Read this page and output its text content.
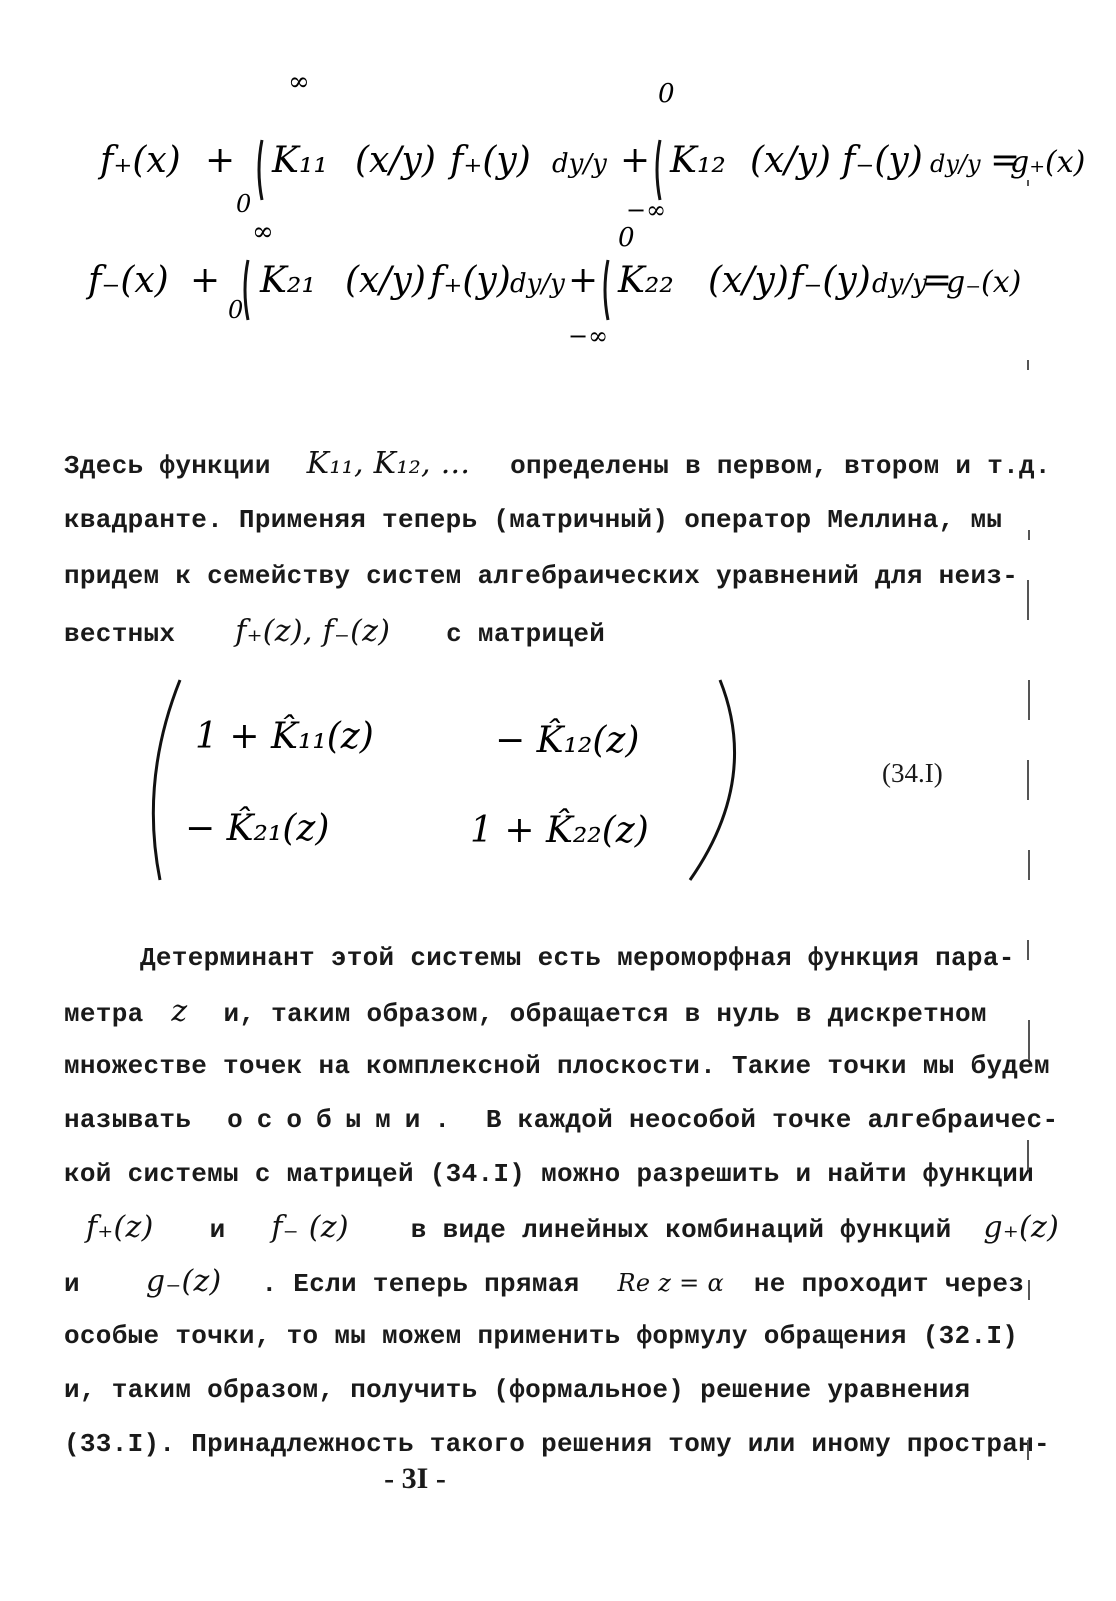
f₊(x) +
∞
0
K₁₁ (x/y) f₊(y) dy/y +
0
−∞
K₁₂ (x/y) f₋(y) dy/y =
g₊(x)
f₋(x) +
∞
0
K₂₁ (x/y) f₊(y) dy/y +
0
−∞
K₂₂ (x/y) f₋(y) dy/y
=
g₋(x)
Здесь функции K₁₁, K₁₂, ... определены в первом, втором и т.д.
квадранте. Применяя теперь (матричный) оператор Меллина, мы
придем к семейству систем алгебраических уравнений для неиз-
вестных f₊(z), f₋(z) с матрицей
1 + K̂₁₁(z)	− K̂₁₂(z)
− K̂₂₁(z)	1 + K̂₂₂(z)
(34.I)
Детерминант этой системы есть мероморфная функция пара-
метра z и, таким образом, обращается в нуль в дискретном
множестве точек на комплексной плоскости. Такие точки мы будем
называть особыми. В каждой неособой точке алгебраичес-
кой системы с матрицей (34.I) можно разрешить и найти функции
f₊(z) и f₋ (z) в виде линейных комбинаций функций g₊(z)
и g₋(z) . Если теперь прямая Re z = α не проходит через
особые точки, то мы можем применить формулу обращения (32.I)
и, таким образом, получить (формальное) решение уравнения
(33.I). Принадлежность такого решения тому или иному простран-
- 3I -
